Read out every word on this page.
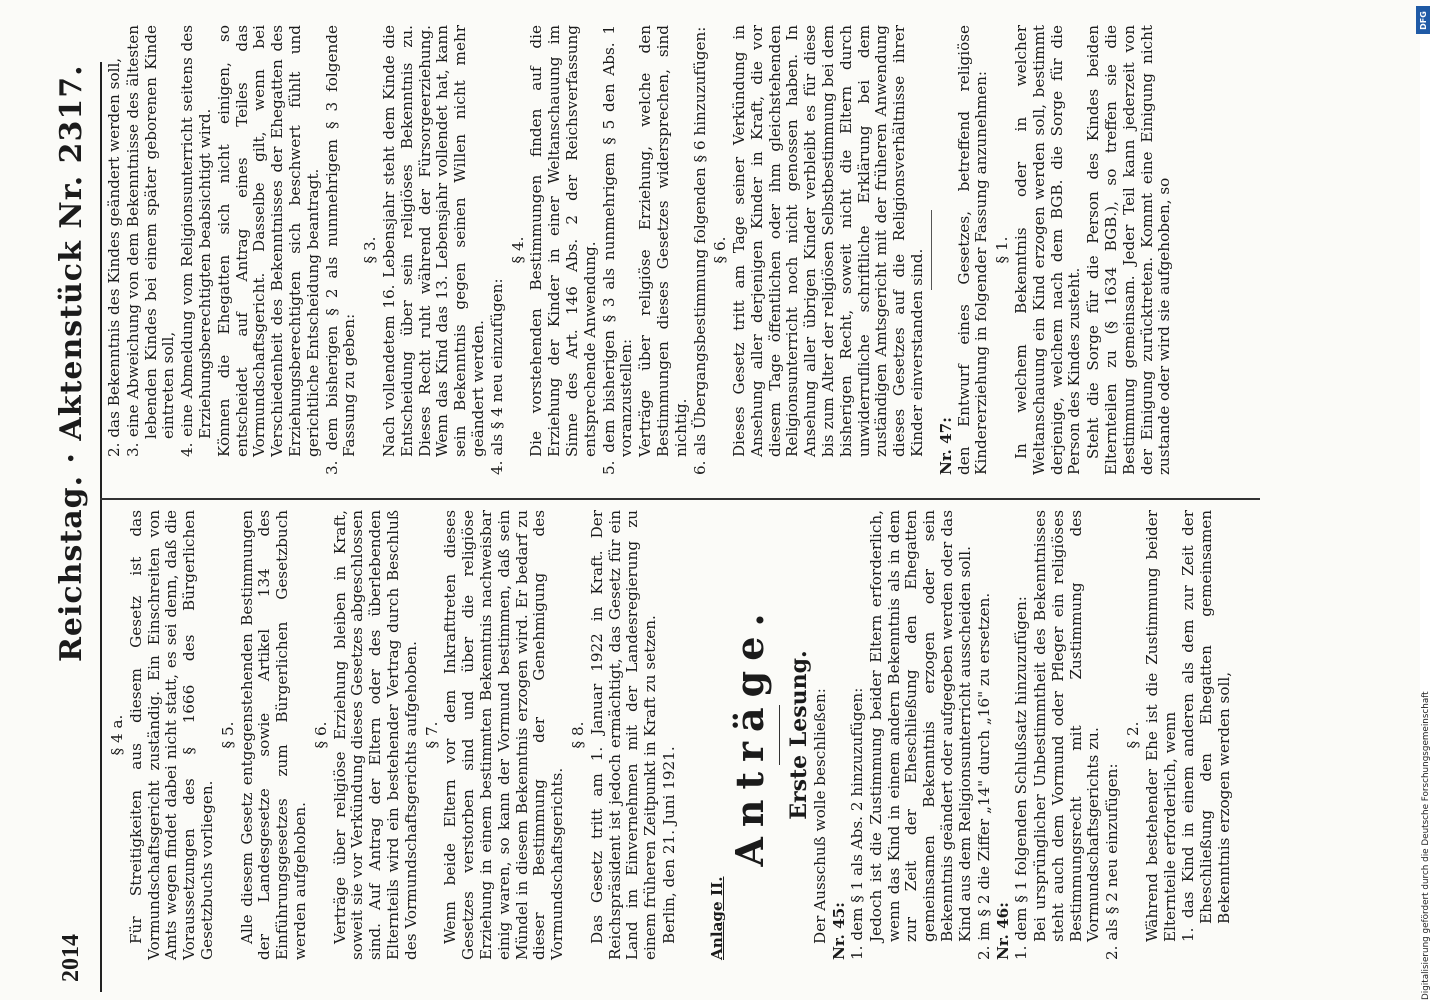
2014
Reichstag. · Aktenstück Nr. 2317.

§ 4 a. Für Streitigkeiten aus diesem Gesetz ist das Vormundschaftsgericht zuständig. Ein Einschreiten von Amts wegen findet dabei nicht statt, es sei denn, daß die Voraussetzungen des § 1666 des Bürgerlichen Gesetzbuchs vorliegen.

§ 5. Alle diesem Gesetz entgegenstehenden Bestimmungen der Landesgesetze sowie Artikel 134 des Einführungsgesetzes zum Bürgerlichen Gesetzbuch werden aufgehoben.

§ 6. Verträge über religiöse Erziehung bleiben in Kraft, soweit sie vor Verkündung dieses Gesetzes abgeschlossen sind. Auf Antrag der Eltern oder des überlebenden Elternteils wird ein bestehender Vertrag durch Beschluß des Vormundschaftsgerichts aufgehoben. § 7. Wenn beide Eltern vor dem Inkrafttreten dieses Gesetzes verstorben sind und über die religiöse Erziehung in einem bestimmten Bekenntnis nachweisbar einig waren, so kann der Vormund bestimmen, daß sein Mündel in diesem Bekenntnis erzogen wird. Er bedarf zu dieser Bestimmung der Genehmigung des Vormundschaftsgerichts.

§ 8. Das Gesetz tritt am 1. Januar 1922 in Kraft. Der Reichspräsident ist jedoch ermächtigt, das Gesetz für ein Land im Einvernehmen mit der Landesregierung zu einem früheren Zeitpunkt in Kraft zu setzen. Berlin, den 21. Juni 1921. Anlage II.

Anträge. Erste Lesung. Der Ausschuß wolle beschließen: Nr. 45: 1. dem § 1 als Abs. 2 hinzuzufügen: Jedoch ist die Zustimmung beider Eltern erforderlich, wenn das Kind in einem andern Bekenntnis als in dem zur Zeit der Eheschließung den Ehegatten gemeinsamen Bekenntnis erzogen oder sein Bekenntnis geändert oder aufgegeben werden oder das Kind aus dem Religionsunterricht ausscheiden soll. 2. im § 2 die Ziffer „14" durch „16" zu ersetzen. Nr. 46: 1. dem § 1 folgenden Schlußsatz hinzuzufügen: Bei ursprünglicher Unbestimmtheit des Bekenntnisses steht auch dem Vormund oder Pfleger ein religiöses Bestimmungsrecht mit Zustimmung des Vormundschaftsgerichts zu. 2. als § 2 neu einzufügen:

§ 2. Während bestehender Ehe ist die Zustimmung beider Elternteile erforderlich, wenn 1. das Kind in einem anderen als dem zur Zeit der Eheschließung den Ehegatten gemeinsamen Bekenntnis erzogen werden soll,

2. das Bekenntnis des Kindes geändert werden soll, 3. eine Abweichung von dem Bekenntnisse des ältesten lebenden Kindes bei einem später geborenen Kinde eintreten soll, 4. eine Abmeldung vom Religionsunterricht seitens des Erziehungsberechtigten beabsichtigt wird. Können die Ehegatten sich nicht einigen, so entscheidet auf Antrag eines Teiles das Vormundschaftsgericht. Dasselbe gilt, wenn bei Verschiedenheit des Bekenntnisses der Ehegatten des Erziehungsberechtigten sich beschwert fühlt und gerichtliche Entscheidung beantragt. 3. dem bisherigen § 2 als nunmehrigem § 3 folgende Fassung zu geben:

§ 3. Nach vollendetem 16. Lebensjahr steht dem Kinde die Entscheidung über sein religiöses Bekenntnis zu. Dieses Recht ruht während der Fürsorgeerziehung. Wenn das Kind das 13. Lebensjahr vollendet hat, kann sein Bekenntnis gegen seinen Willen nicht mehr geändert werden. 4. als § 4 neu einzufügen:

§ 4. Die vorstehenden Bestimmungen finden auf die Erziehung der Kinder in einer Weltanschauung im Sinne des Art. 146 Abs. 2 der Reichsverfassung entsprechende Anwendung. 5. dem bisherigen § 3 als nunmehrigem § 5 den Abs. 1 voranzustellen: Verträge über religiöse Erziehung, welche den Bestimmungen dieses Gesetzes widersprechen, sind nichtig. 6. als Übergangsbestimmung folgenden § 6 hinzuzufügen: § 6. Dieses Gesetz tritt am Tage seiner Verkündung in Ansehung aller derjenigen Kinder in Kraft, die vor diesem Tage öffentlichen oder ihm gleichstehenden Religionsunterricht noch nicht genossen haben. In Ansehung aller übrigen Kinder verbleibt es für diese bis zum Alter der religiösen Selbstbestimmung bei dem bisherigen Recht, soweit nicht die Eltern durch unwiderrufliche schriftliche Erklärung bei dem zuständigen Amtsgericht mit der früheren Anwendung dieses Gesetzes auf die Religionsverhältnisse ihrer Kinder einverstanden sind. Nr. 47: den Entwurf eines Gesetzes, betreffend religiöse Kindererziehung in folgender Fassung anzunehmen: § 1. In welchem Bekenntnis oder in welcher Weltanschauung ein Kind erzogen werden soll, bestimmt derjenige, welchem nach dem BGB. die Sorge für die Person des Kindes zusteht. Steht die Sorge für die Person des Kindes beiden Elternteilen zu (§ 1634 BGB.), so treffen sie die Bestimmung gemeinsam. Jeder Teil kann jederzeit von der Einigung zurücktreten. Kommt eine Einigung nicht zustande oder wird sie aufgehoben, so

DFG
Digitalisierung gefördert durch die Deutsche Forschungsgemeinschaft
